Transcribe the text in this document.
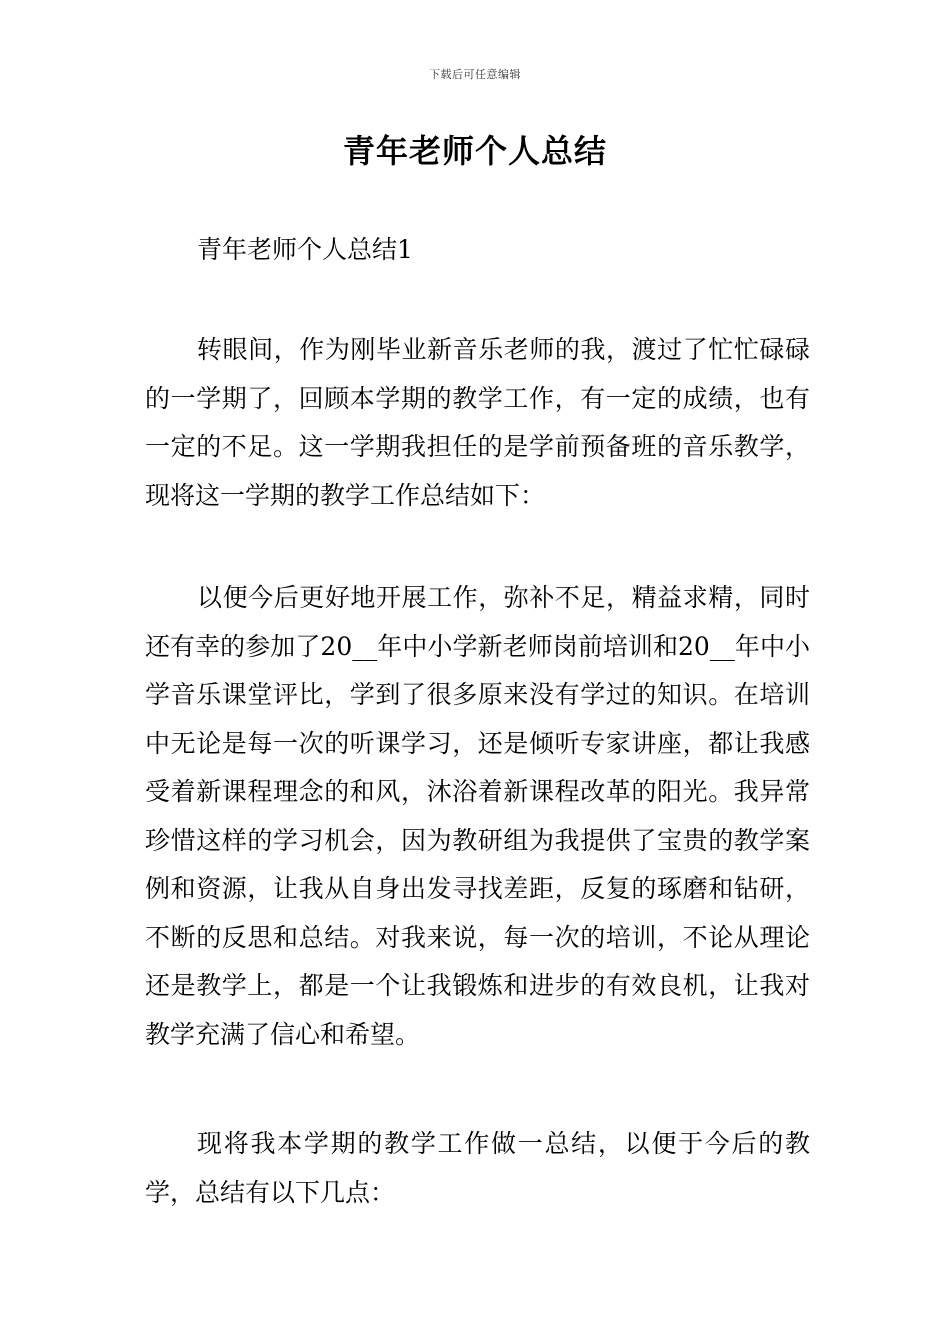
下载后可任意编辑
青年老师个人总结

青年老师个人总结1

转眼间，作为刚毕业新音乐老师的我，渡过了忙忙碌碌的一学期了，回顾本学期的教学工作，有一定的成绩，也有一定的不足。这一学期我担任的是学前预备班的音乐教学，现将这一学期的教学工作总结如下：

以便今后更好地开展工作，弥补不足，精益求精，同时还有幸的参加了20__年中小学新老师岗前培训和20__年中小学音乐课堂评比，学到了很多原来没有学过的知识。在培训中无论是每一次的听课学习，还是倾听专家讲座，都让我感受着新课程理念的和风，沐浴着新课程改革的阳光。我异常珍惜这样的学习机会，因为教研组为我提供了宝贵的教学案例和资源，让我从自身出发寻找差距，反复的琢磨和钻研，不断的反思和总结。对我来说，每一次的培训，不论从理论还是教学上，都是一个让我锻炼和进步的有效良机，让我对教学充满了信心和希望。

现将我本学期的教学工作做一总结，以便于今后的教学，总结有以下几点：
